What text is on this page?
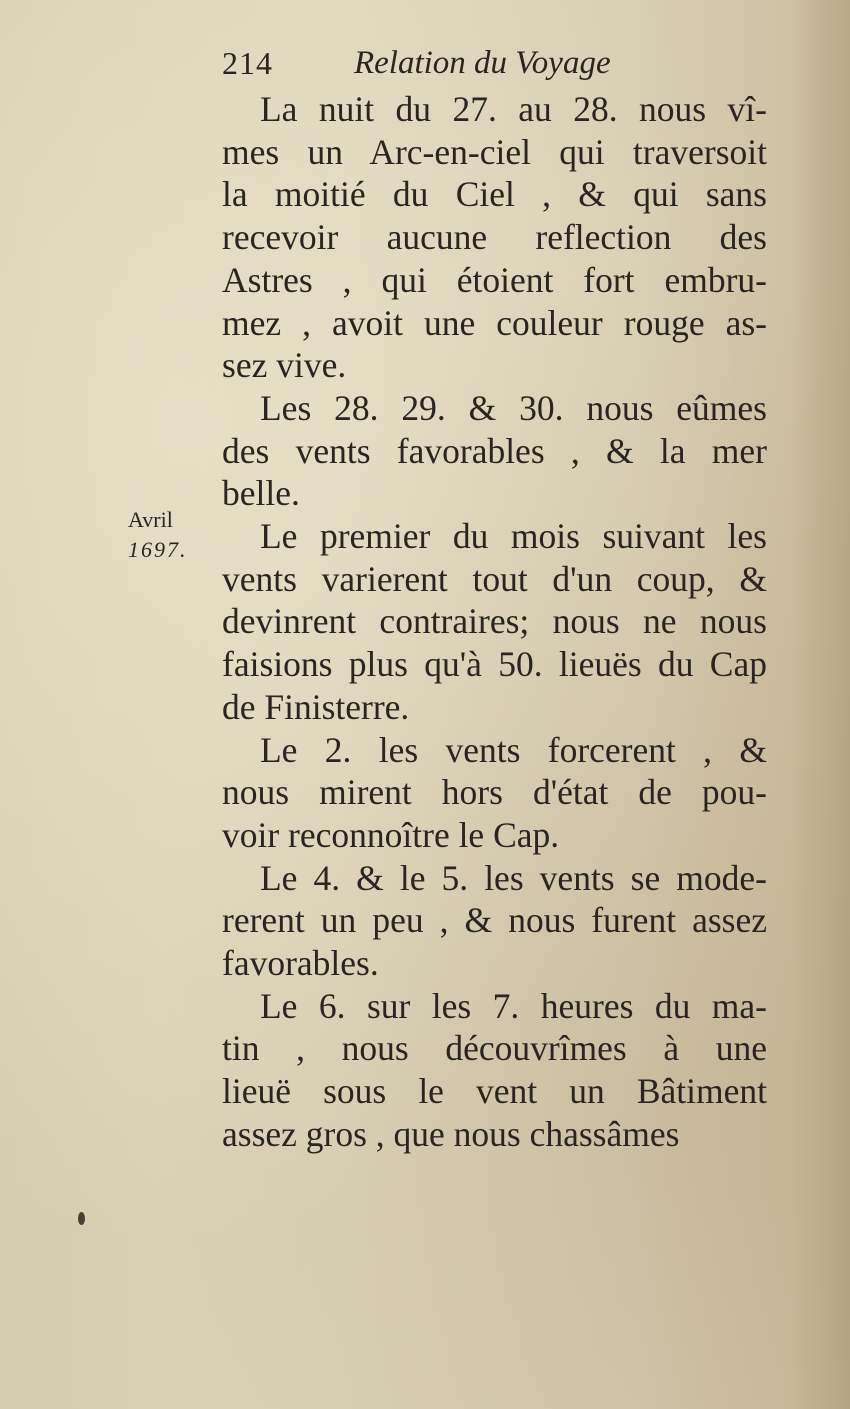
214 Relation du Voyage
Avril
1697.
La nuit du 27. au 28. nous vî-
mes un Arc-en-ciel qui traversoit
la moitié du Ciel , & qui sans
recevoir aucune reflection des
Astres , qui étoient fort embru-
mez , avoit une couleur rouge as-
sez vive.
Les 28. 29. & 30. nous eûmes
des vents favorables , & la mer
belle.
Le premier du mois suivant les
vents varierent tout d'un coup, &
devinrent contraires; nous ne nous
faisions plus qu'à 50. lieuës du Cap
de Finisterre.
Le 2. les vents forcerent , &
nous mirent hors d'état de pou-
voir reconnoître le Cap.
Le 4. & le 5. les vents se mode-
rerent un peu , & nous furent assez
favorables.
Le 6. sur les 7. heures du ma-
tin , nous découvrîmes à une
lieuë sous le vent un Bâtiment
assez gros , que nous chassâmes
